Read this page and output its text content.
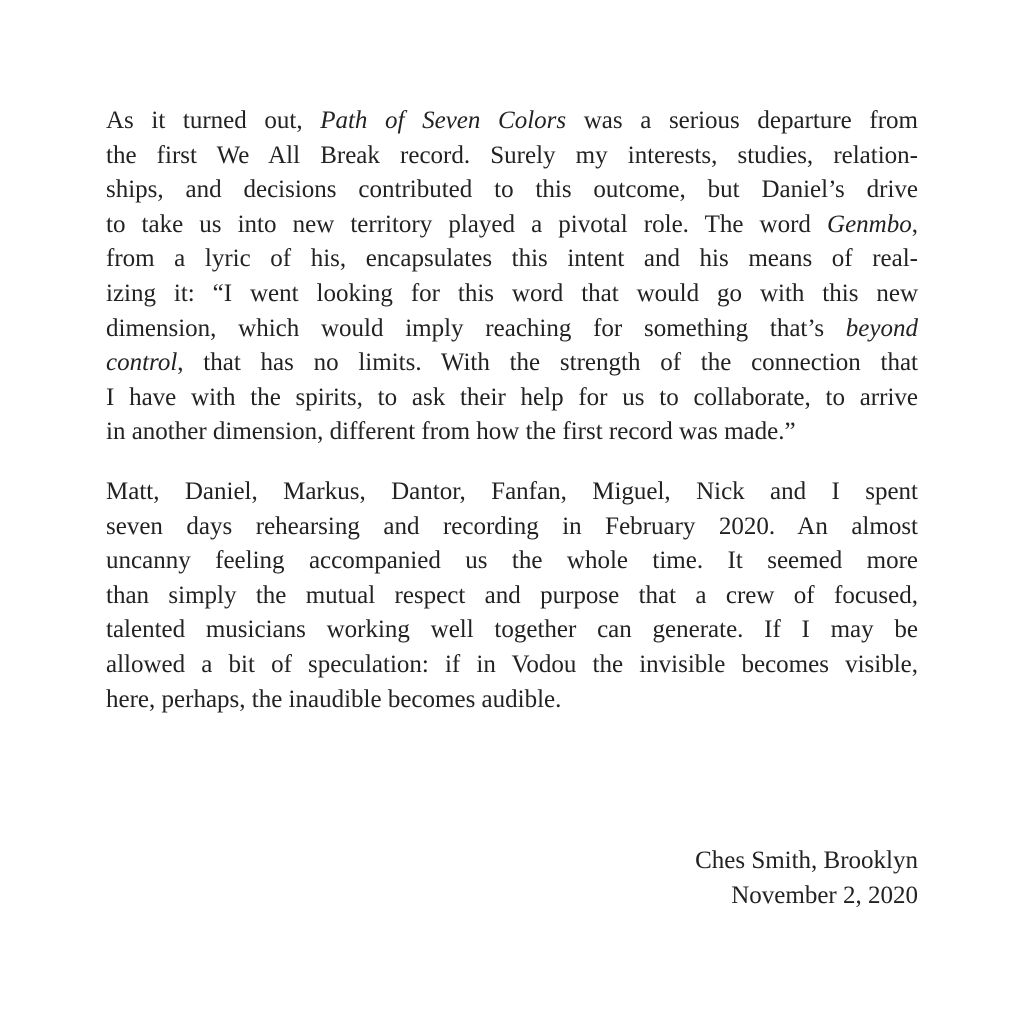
As it turned out, Path of Seven Colors was a serious departure from
the first We All Break record. Surely my interests, studies, relation-
ships, and decisions contributed to this outcome, but Daniel’s drive
to take us into new territory played a pivotal role. The word Genmbo,
from a lyric of his, encapsulates this intent and his means of real-
izing it: “I went looking for this word that would go with this new
dimension, which would imply reaching for something that’s beyond
control, that has no limits. With the strength of the connection that
I have with the spirits, to ask their help for us to collaborate, to arrive
in another dimension, different from how the first record was made.”

Matt, Daniel, Markus, Dantor, Fanfan, Miguel, Nick and I spent
seven days rehearsing and recording in February 2020. An almost
uncanny feeling accompanied us the whole time. It seemed more
than simply the mutual respect and purpose that a crew of focused,
talented musicians working well together can generate. If I may be
allowed a bit of speculation: if in Vodou the invisible becomes visible,
here, perhaps, the inaudible becomes audible.

Ches Smith, Brooklyn
November 2, 2020
